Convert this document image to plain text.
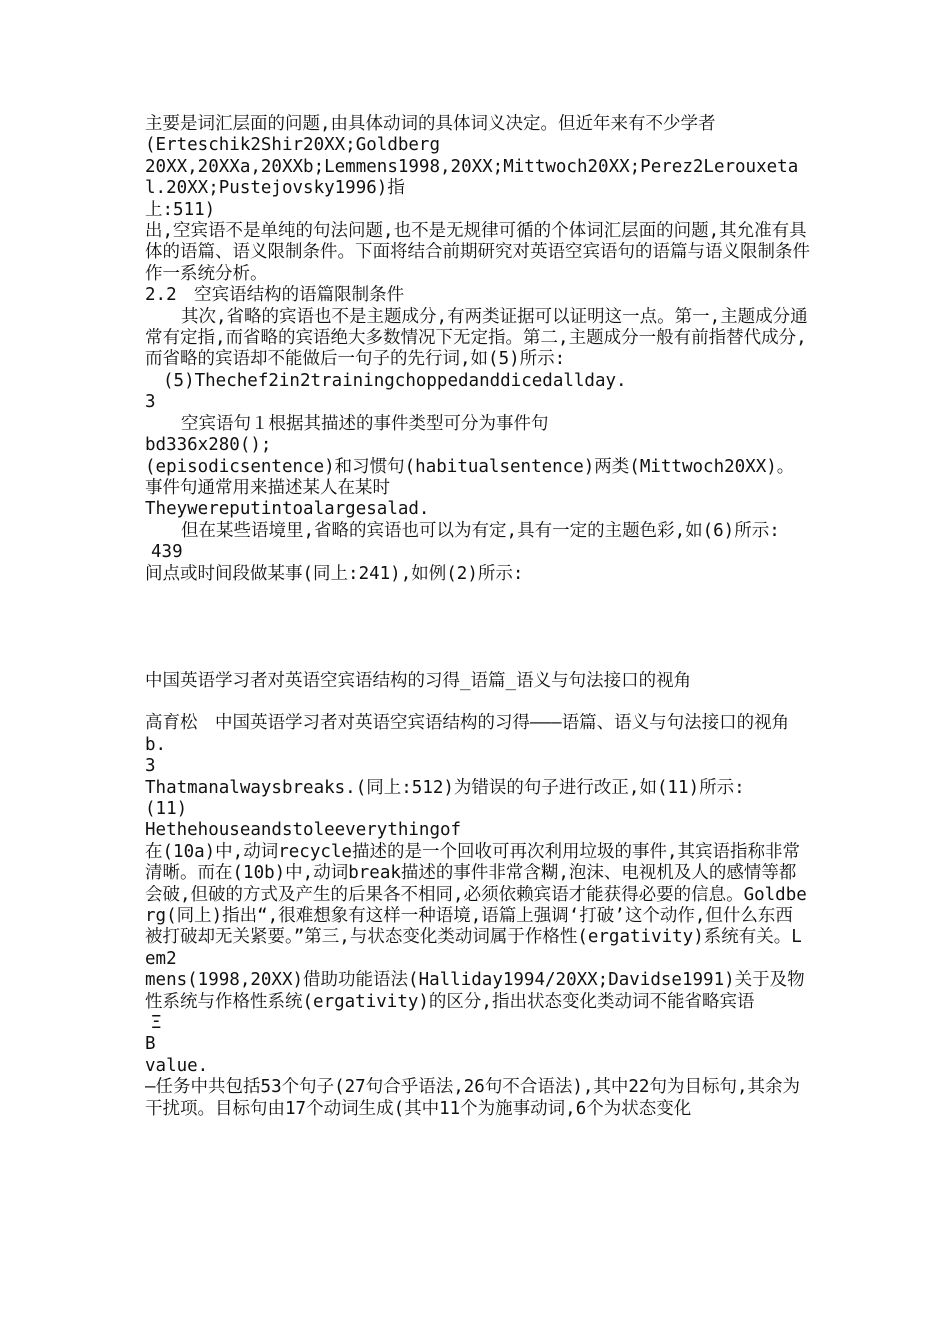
主要是词汇层面的问题,由具体动词的具体词义决定。但近年来有不少学者
(Erteschik2Shir20XX;Goldberg
20XX,20XXa,20XXb;Lemmens1998,20XX;Mittwoch20XX;Perez2Lerouxetal.20XX;Pustejovsky1996)指
上:511)
出,空宾语不是单纯的句法问题,也不是无规律可循的个体词汇层面的问题,其允准有具体的语篇、语义限制条件。下面将结合前期研究对英语空宾语句的语篇与语义限制条件作一系统分析。
2.2　空宾语结构的语篇限制条件
其次,省略的宾语也不是主题成分,有两类证据可以证明这一点。第一,主题成分通常有定指,而省略的宾语绝大多数情况下无定指。第二,主题成分一般有前指替代成分,而省略的宾语却不能做后一句子的先行词,如(5)所示:
(5)Thechef2in2trainingchoppedanddicedallday.
3
空宾语句１根据其描述的事件类型可分为事件句
bd336x280();
(episodicsentence)和习惯句(habitualsentence)两类(Mittwoch20XX)。事件句通常用来描述某人在某时
Theywereputintoalargesalad.
但在某些语境里,省略的宾语也可以为有定,具有一定的主题色彩,如(6)所示:
439
间点或时间段做某事(同上:241),如例(2)所示:
中国英语学习者对英语空宾语结构的习得_语篇_语义与句法接口的视角
高育松　中国英语学习者对英语空宾语结构的习得———语篇、语义与句法接口的视角
b.
3
Thatmanalwaysbreaks.(同上:512)为错误的句子进行改正,如(11)所示:
(11)
Hethehouseandstoleeverythingof
在(10a)中,动词recycle描述的是一个回收可再次利用垃圾的事件,其宾语指称非常清晰。而在(10b)中,动词break描述的事件非常含糊,泡沫、电视机及人的感情等都会破,但破的方式及产生的后果各不相同,必须依赖宾语才能获得必要的信息。Goldberg(同上)指出“,很难想象有这样一种语境,语篇上强调‘打破’这个动作,但什么东西被打破却无关紧要。”第三,与状态变化类动词属于作格性(ergativity)系统有关。Lem2
mens(1998,20XX)借助功能语法(Halliday1994/20XX;Davidse1991)关于及物性系统与作格性系统(ergativity)的区分,指出状态变化类动词不能省略宾语
Ξ
B
value.
—任务中共包括53个句子(27句合乎语法,26句不合语法),其中22句为目标句,其余为干扰项。目标句由17个动词生成(其中11个为施事动词,6个为状态变化
